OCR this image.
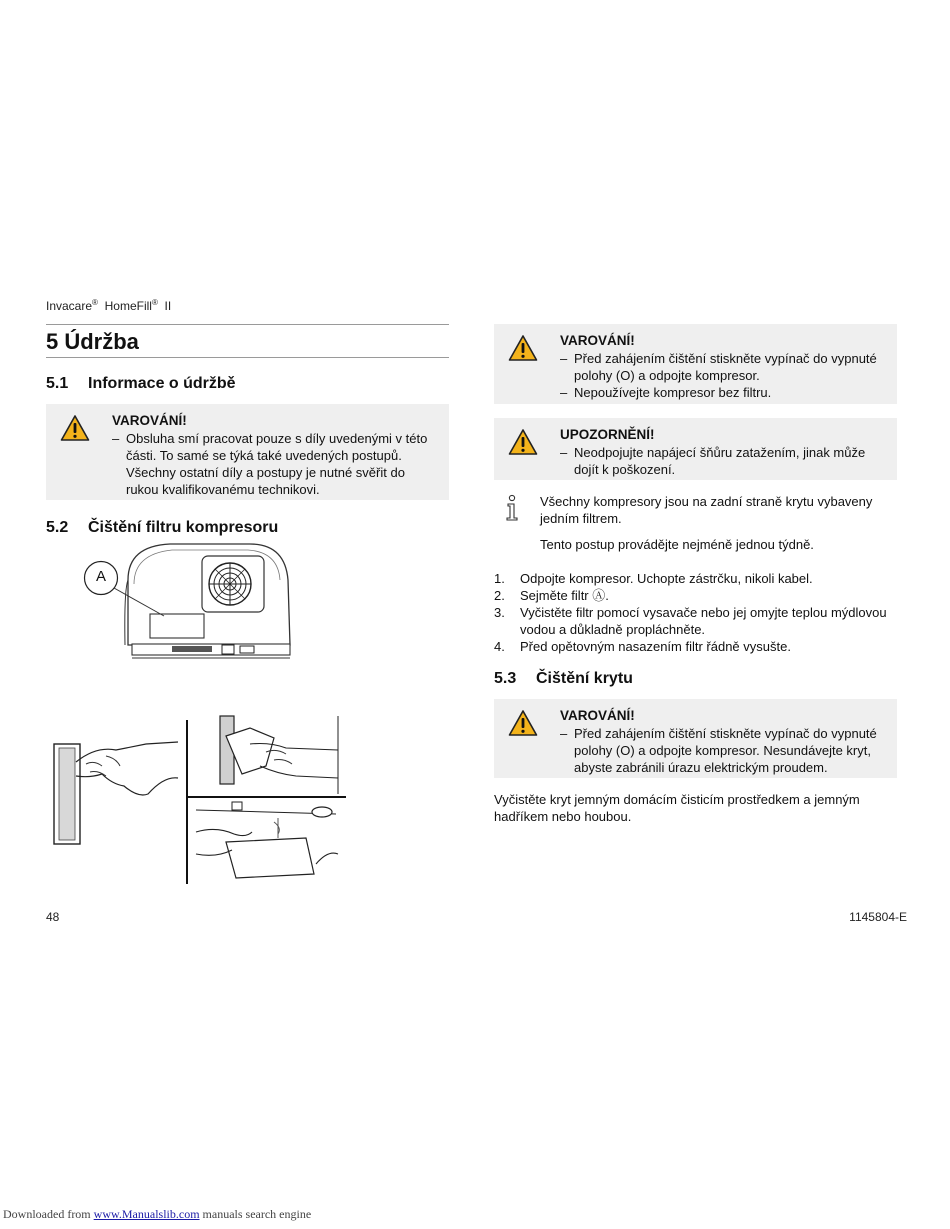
Invacare® HomeFill® II
5 Údržba
5.1 Informace o údržbě
VAROVÁNÍ!
– Obsluha smí pracovat pouze s díly uvedenými v této části. To samé se týká také uvedených postupů. Všechny ostatní díly a postupy je nutné svěřit do rukou kvalifikovanému technikovi.
5.2 Čištění filtru kompresoru
A
VAROVÁNÍ!
– Před zahájením čištění stiskněte vypínač do vypnuté polohy (O) a odpojte kompresor.
– Nepoužívejte kompresor bez filtru.
UPOZORNĚNÍ!
– Neodpojujte napájecí šňůru zatažením, jinak může dojít k poškození.
Všechny kompresory jsou na zadní straně krytu vybaveny jedním filtrem.
Tento postup provádějte nejméně jednou týdně.
1.	Odpojte kompresor. Uchopte zástrčku, nikoli kabel.
2.	Sejměte filtr Ⓐ.
3.	Vyčistěte filtr pomocí vysavače nebo jej omyjte teplou mýdlovou vodou a důkladně propláchněte.
4.	Před opětovným nasazením filtr řádně vysušte.
5.3 Čištění krytu
VAROVÁNÍ!
– Před zahájením čištění stiskněte vypínač do vypnuté polohy (O) a odpojte kompresor. Nesundávejte kryt, abyste zabránili úrazu elektrickým proudem.
Vyčistěte kryt jemným domácím čisticím prostředkem a jemným hadříkem nebo houbou.
48	1145804-E
Downloaded from www.Manualslib.com manuals search engine
